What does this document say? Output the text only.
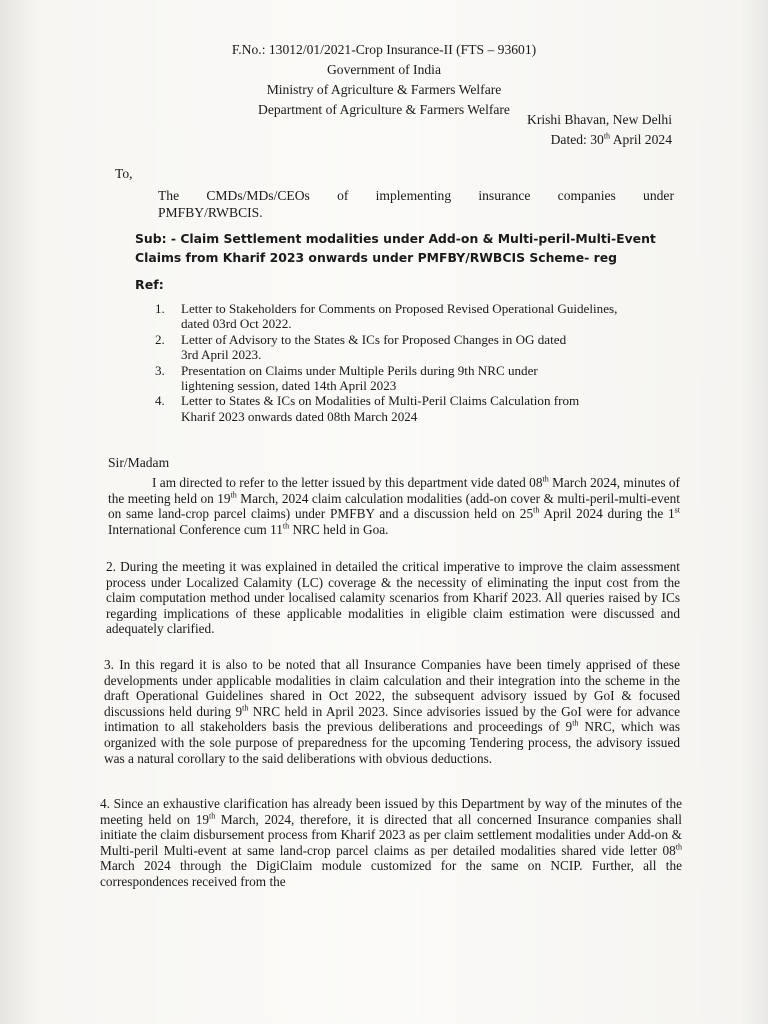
F.No.: 13012/01/2021-Crop Insurance-II (FTS – 93601)
Government of India
Ministry of Agriculture & Farmers Welfare
Department of Agriculture & Farmers Welfare
Krishi Bhavan, New Delhi
Dated: 30th April 2024
To,
The CMDs/MDs/CEOs of implementing insurance companies under
PMFBY/RWBCIS.
Sub: - Claim Settlement modalities under Add-on & Multi-peril-Multi-Event Claims from Kharif 2023 onwards under PMFBY/RWBCIS Scheme- reg
Ref:
1. Letter to Stakeholders for Comments on Proposed Revised Operational Guidelines,
dated 03rd Oct 2022.
2. Letter of Advisory to the States & ICs for Proposed Changes in OG dated
3rd April 2023.
3. Presentation on Claims under Multiple Perils during 9th NRC under
lightening session, dated 14th April 2023
4. Letter to States & ICs on Modalities of Multi-Peril Claims Calculation from
Kharif 2023 onwards dated 08th March 2024
Sir/Madam
I am directed to refer to the letter issued by this department vide dated 08th March 2024, minutes of the meeting held on 19th March, 2024 claim calculation modalities (add-on cover & multi-peril-multi-event on same land-crop parcel claims) under PMFBY and a discussion held on 25th April 2024 during the 1st International Conference cum 11th NRC held in Goa.
2. During the meeting it was explained in detailed the critical imperative to improve the claim assessment process under Localized Calamity (LC) coverage & the necessity of eliminating the input cost from the claim computation method under localised calamity scenarios from Kharif 2023. All queries raised by ICs regarding implications of these applicable modalities in eligible claim estimation were discussed and adequately clarified.
3. In this regard it is also to be noted that all Insurance Companies have been timely apprised of these developments under applicable modalities in claim calculation and their integration into the scheme in the draft Operational Guidelines shared in Oct 2022, the subsequent advisory issued by GoI & focused discussions held during 9th NRC held in April 2023. Since advisories issued by the GoI were for advance intimation to all stakeholders basis the previous deliberations and proceedings of 9th NRC, which was organized with the sole purpose of preparedness for the upcoming Tendering process, the advisory issued was a natural corollary to the said deliberations with obvious deductions.
4. Since an exhaustive clarification has already been issued by this Department by way of the minutes of the meeting held on 19th March, 2024, therefore, it is directed that all concerned Insurance companies shall initiate the claim disbursement process from Kharif 2023 as per claim settlement modalities under Add-on & Multi-peril Multi-event at same land-crop parcel claims as per detailed modalities shared vide letter 08th March 2024 through the DigiClaim module customized for the same on NCIP. Further, all the correspondences received from the
